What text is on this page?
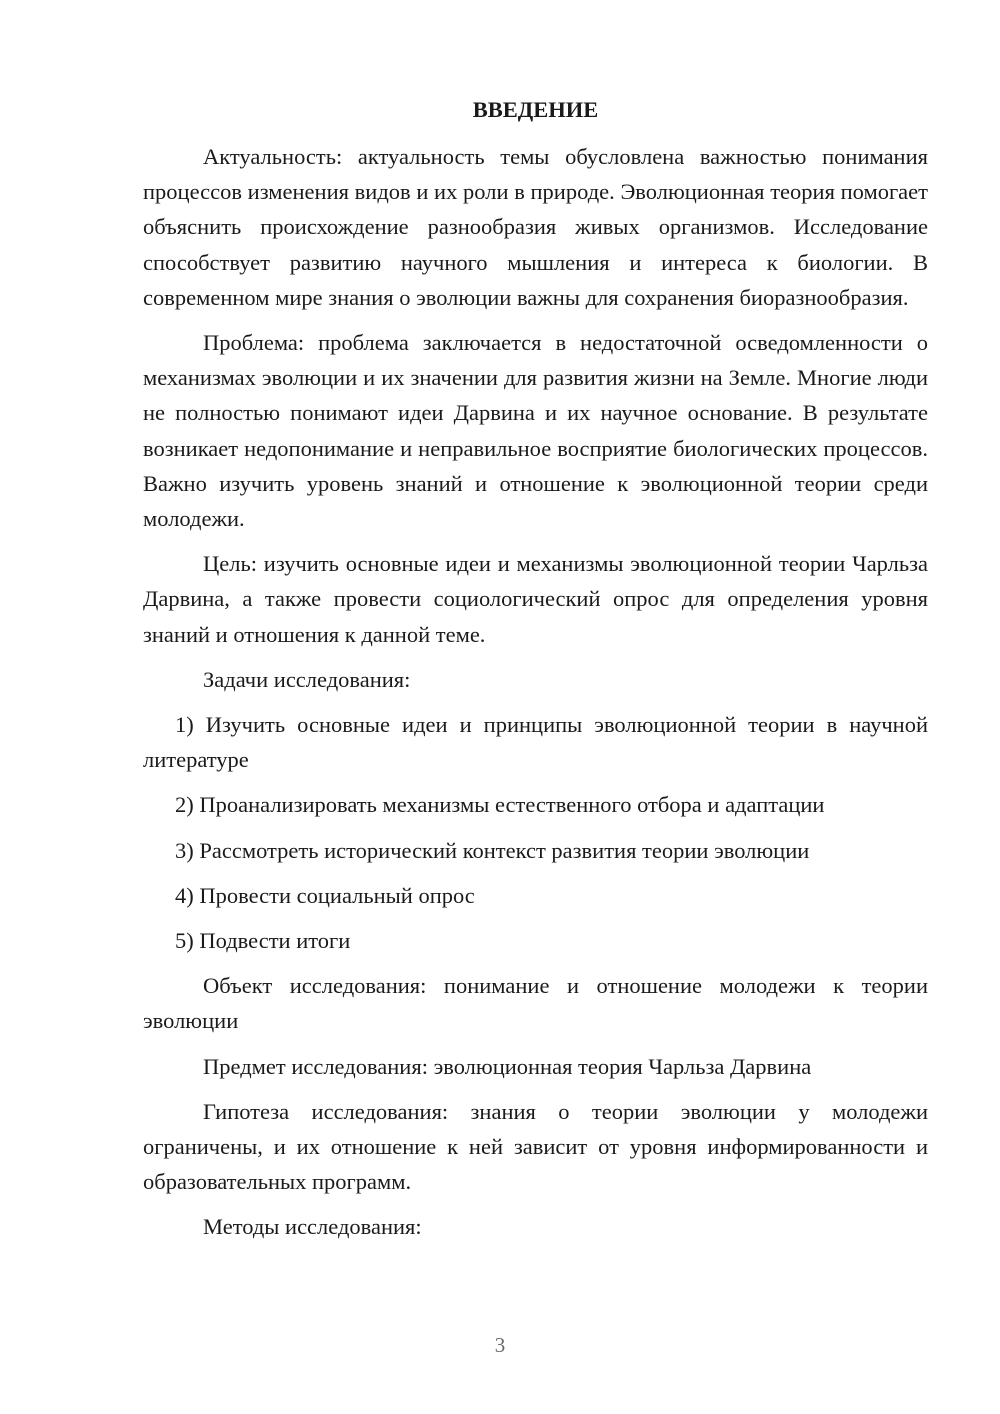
ВВЕДЕНИЕ

Актуальность: актуальность темы обусловлена важностью понимания процессов изменения видов и их роли в природе. Эволюционная теория помогает объяснить происхождение разнообразия живых организмов. Исследование способствует развитию научного мышления и интереса к биологии. В современном мире знания о эволюции важны для сохранения биоразнообразия.

Проблема: проблема заключается в недостаточной осведомленности о механизмах эволюции и их значении для развития жизни на Земле. Многие люди не полностью понимают идеи Дарвина и их научное основание. В результате возникает недопонимание и неправильное восприятие биологических процессов. Важно изучить уровень знаний и отношение к эволюционной теории среди молодежи.

Цель: изучить основные идеи и механизмы эволюционной теории Чарльза Дарвина, а также провести социологический опрос для определения уровня знаний и отношения к данной теме.

Задачи исследования:

1) Изучить основные идеи и принципы эволюционной теории в научной литературе

2) Проанализировать механизмы естественного отбора и адаптации

3) Рассмотреть исторический контекст развития теории эволюции

4) Провести социальный опрос

5) Подвести итоги

Объект исследования: понимание и отношение молодежи к теории эволюции

Предмет исследования: эволюционная теория Чарльза Дарвина

Гипотеза исследования: знания о теории эволюции у молодежи ограничены, и их отношение к ней зависит от уровня информированности и образовательных программ.

Методы исследования:

3
